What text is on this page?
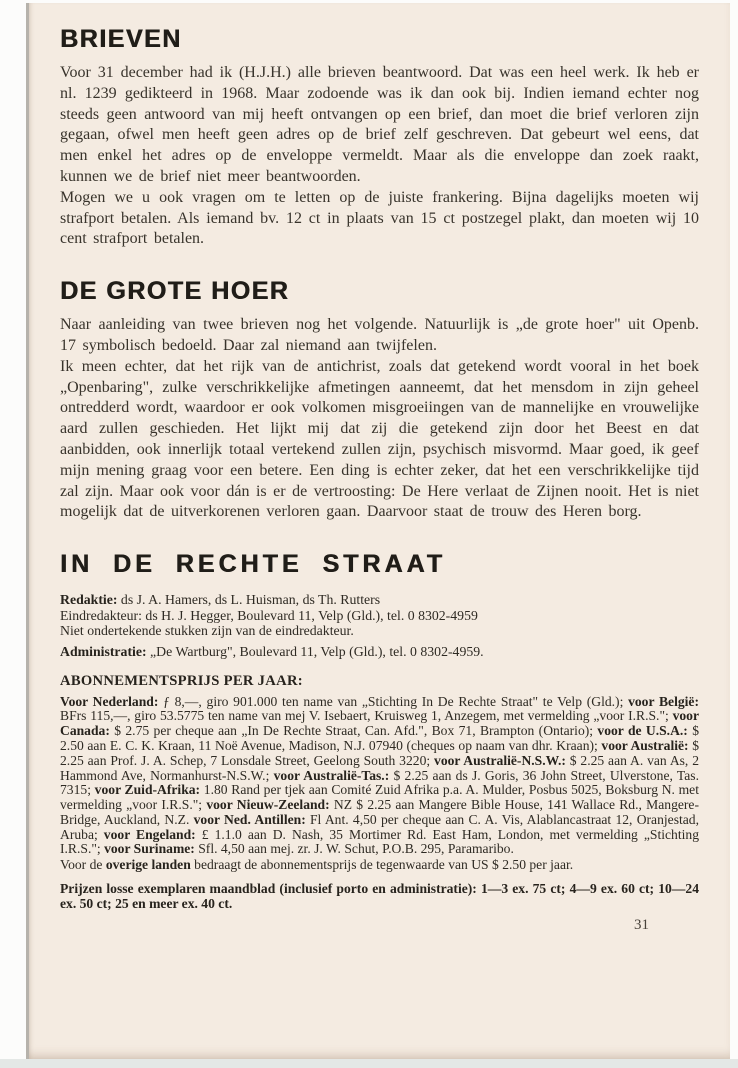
BRIEVEN

Voor 31 december had ik (H.J.H.) alle brieven beantwoord. Dat was een heel werk. Ik heb er nl. 1239 gedikteerd in 1968. Maar zodoende was ik dan ook bij. Indien iemand echter nog steeds geen antwoord van mij heeft ontvangen op een brief, dan moet die brief verloren zijn gegaan, ofwel men heeft geen adres op de brief zelf geschreven. Dat gebeurt wel eens, dat men enkel het adres op de enveloppe vermeldt. Maar als die enveloppe dan zoek raakt, kunnen we de brief niet meer beantwoorden.

Mogen we u ook vragen om te letten op de juiste frankering. Bijna dagelijks moeten wij strafport betalen. Als iemand bv. 12 ct in plaats van 15 ct postzegel plakt, dan moeten wij 10 cent strafport betalen.

DE GROTE HOER

Naar aanleiding van twee brieven nog het volgende. Natuurlijk is „de grote hoer" uit Openb. 17 symbolisch bedoeld. Daar zal niemand aan twijfelen.

Ik meen echter, dat het rijk van de antichrist, zoals dat getekend wordt vooral in het boek „Openbaring", zulke verschrikkelijke afmetingen aanneemt, dat het mensdom in zijn geheel ontredderd wordt, waardoor er ook volkomen misgroeiingen van de mannelijke en vrouwelijke aard zullen geschieden. Het lijkt mij dat zij die getekend zijn door het Beest en dat aanbidden, ook innerlijk totaal vertekend zullen zijn, psychisch misvormd. Maar goed, ik geef mijn mening graag voor een betere. Een ding is echter zeker, dat het een verschrikkelijke tijd zal zijn. Maar ook voor dán is er de vertroosting: De Here verlaat de Zijnen nooit. Het is niet mogelijk dat de uitverkorenen verloren gaan. Daarvoor staat de trouw des Heren borg.

IN DE RECHTE STRAAT

Redaktie: ds J. A. Hamers, ds L. Huisman, ds Th. Rutters

Eindredakteur: ds H. J. Hegger, Boulevard 11, Velp (Gld.), tel. 0 8302-4959

Niet ondertekende stukken zijn van de eindredakteur.

Administratie: „De Wartburg", Boulevard 11, Velp (Gld.), tel. 0 8302-4959.

ABONNEMENTSPRIJS PER JAAR:

Voor Nederland: ƒ 8,—, giro 901.000 ten name van „Stichting In De Rechte Straat" te Velp (Gld.); voor België: BFrs 115,—, giro 53.5775 ten name van mej V. Isebaert, Kruisweg 1, Anzegem, met vermelding „voor I.R.S."; voor Canada: $ 2.75 per cheque aan „In De Rechte Straat, Can. Afd.", Box 71, Brampton (Ontario); voor de U.S.A.: $ 2.50 aan E. C. K. Kraan, 11 Noë Avenue, Madison, N.J. 07940 (cheques op naam van dhr. Kraan); voor Australië: $ 2.25 aan Prof. J. A. Schep, 7 Lonsdale Street, Geelong South 3220; voor Australië-N.S.W.: $ 2.25 aan A. van As, 2 Hammond Ave, Normanhurst-N.S.W.; voor Australië-Tas.: $ 2.25 aan ds J. Goris, 36 John Street, Ulverstone, Tas. 7315; voor Zuid-Afrika: 1.80 Rand per tjek aan Comité Zuid Afrika p.a. A. Mulder, Posbus 5025, Boksburg N. met vermelding „voor I.R.S."; voor Nieuw-Zeeland: NZ $ 2.25 aan Mangere Bible House, 141 Wallace Rd., Mangere-Bridge, Auckland, N.Z. voor Ned. Antillen: Fl Ant. 4,50 per cheque aan C. A. Vis, Alablancastraat 12, Oranjestad, Aruba; voor Engeland: £ 1.1.0 aan D. Nash, 35 Mortimer Rd. East Ham, London, met vermelding „Stichting I.R.S."; voor Suriname: Sfl. 4,50 aan mej. zr. J. W. Schut, P.O.B. 295, Paramaribo.

Voor de overige landen bedraagt de abonnementsprijs de tegenwaarde van US $ 2.50 per jaar.

Prijzen losse exemplaren maandblad (inclusief porto en administratie): 1—3 ex. 75 ct; 4—9 ex. 60 ct; 10—24 ex. 50 ct; 25 en meer ex. 40 ct.

31
